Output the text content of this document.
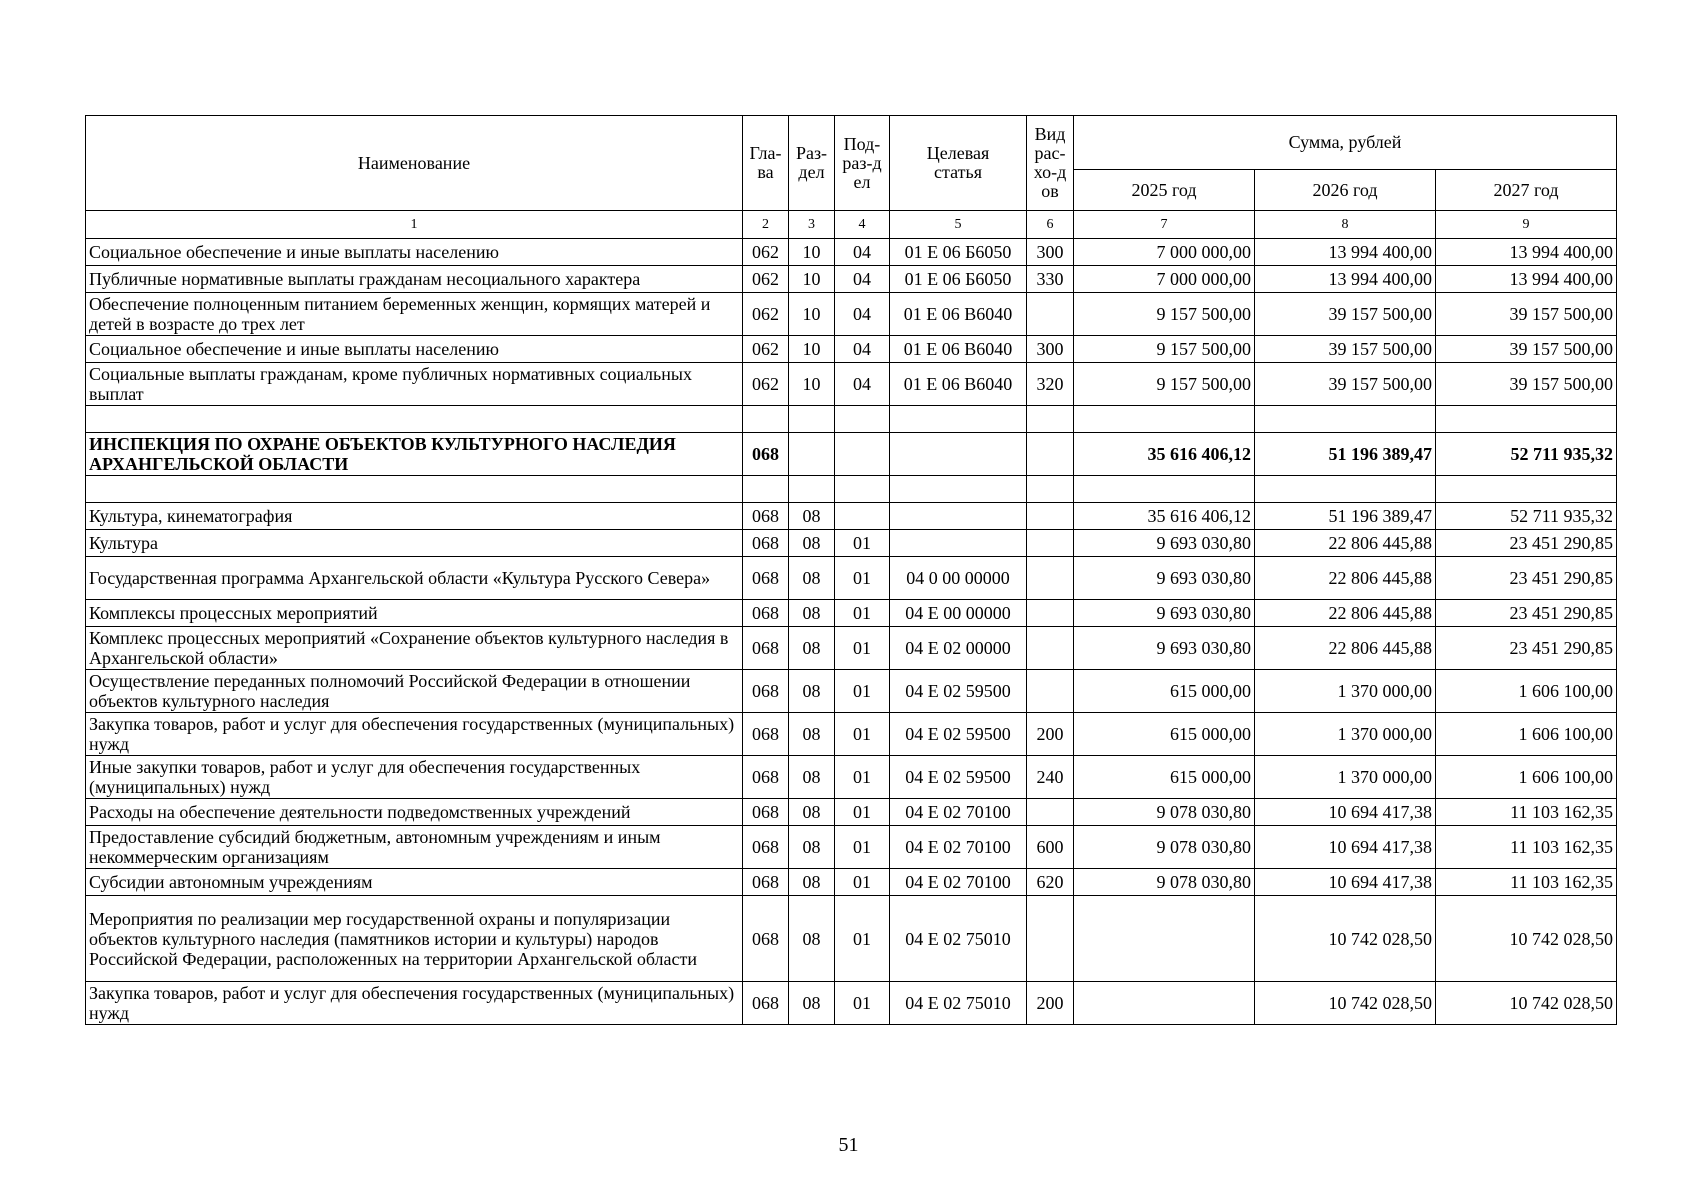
Наименование	Гла-ва	Раз-дел	Под-раз-дел	Целевая статья	Вид рас-хо-дов	Сумма, рублей		
						2025 год	2026 год	2027 год
1	2	3	4	5	6	7	8	9
Социальное обеспечение и иные выплаты населению	062	10	04	01 Е 06 Б6050	300	7 000 000,00	13 994 400,00	13 994 400,00
Публичные нормативные выплаты гражданам несоциального характера	062	10	04	01 Е 06 Б6050	330	7 000 000,00	13 994 400,00	13 994 400,00
Обеспечение полноценным питанием беременных женщин, кормящих матерей и детей в возрасте до трех лет	062	10	04	01 Е 06 В6040		9 157 500,00	39 157 500,00	39 157 500,00
Социальное обеспечение и иные выплаты населению	062	10	04	01 Е 06 В6040	300	9 157 500,00	39 157 500,00	39 157 500,00
Социальные выплаты гражданам, кроме публичных нормативных социальных выплат	062	10	04	01 Е 06 В6040	320	9 157 500,00	39 157 500,00	39 157 500,00

ИНСПЕКЦИЯ ПО ОХРАНЕ ОБЪЕКТОВ КУЛЬТУРНОГО НАСЛЕДИЯ АРХАНГЕЛЬСКОЙ ОБЛАСТИ	068					35 616 406,12	51 196 389,47	52 711 935,32

Культура, кинематография	068	08				35 616 406,12	51 196 389,47	52 711 935,32
Культура	068	08	01			9 693 030,80	22 806 445,88	23 451 290,85
Государственная программа Архангельской области «Культура Русского Севера»	068	08	01	04 0 00 00000		9 693 030,80	22 806 445,88	23 451 290,85
Комплексы процессных мероприятий	068	08	01	04 Е 00 00000		9 693 030,80	22 806 445,88	23 451 290,85
Комплекс процессных мероприятий «Сохранение объектов культурного наследия в Архангельской области»	068	08	01	04 Е 02 00000		9 693 030,80	22 806 445,88	23 451 290,85
Осуществление переданных полномочий Российской Федерации в отношении объектов культурного наследия	068	08	01	04 Е 02 59500		615 000,00	1 370 000,00	1 606 100,00
Закупка товаров, работ и услуг для обеспечения государственных (муниципальных) нужд	068	08	01	04 Е 02 59500	200	615 000,00	1 370 000,00	1 606 100,00
Иные закупки товаров, работ и услуг для обеспечения государственных (муниципальных) нужд	068	08	01	04 Е 02 59500	240	615 000,00	1 370 000,00	1 606 100,00
Расходы на обеспечение деятельности подведомственных учреждений	068	08	01	04 Е 02 70100		9 078 030,80	10 694 417,38	11 103 162,35
Предоставление субсидий бюджетным, автономным учреждениям и иным некоммерческим организациям	068	08	01	04 Е 02 70100	600	9 078 030,80	10 694 417,38	11 103 162,35
Субсидии автономным учреждениям	068	08	01	04 Е 02 70100	620	9 078 030,80	10 694 417,38	11 103 162,35
Мероприятия по реализации мер государственной охраны и популяризации объектов культурного наследия (памятников истории и культуры) народов Российской Федерации, расположенных на территории Архангельской области	068	08	01	04 Е 02 75010			10 742 028,50	10 742 028,50
Закупка товаров, работ и услуг для обеспечения государственных (муниципальных) нужд	068	08	01	04 Е 02 75010	200		10 742 028,50	10 742 028,50
51
